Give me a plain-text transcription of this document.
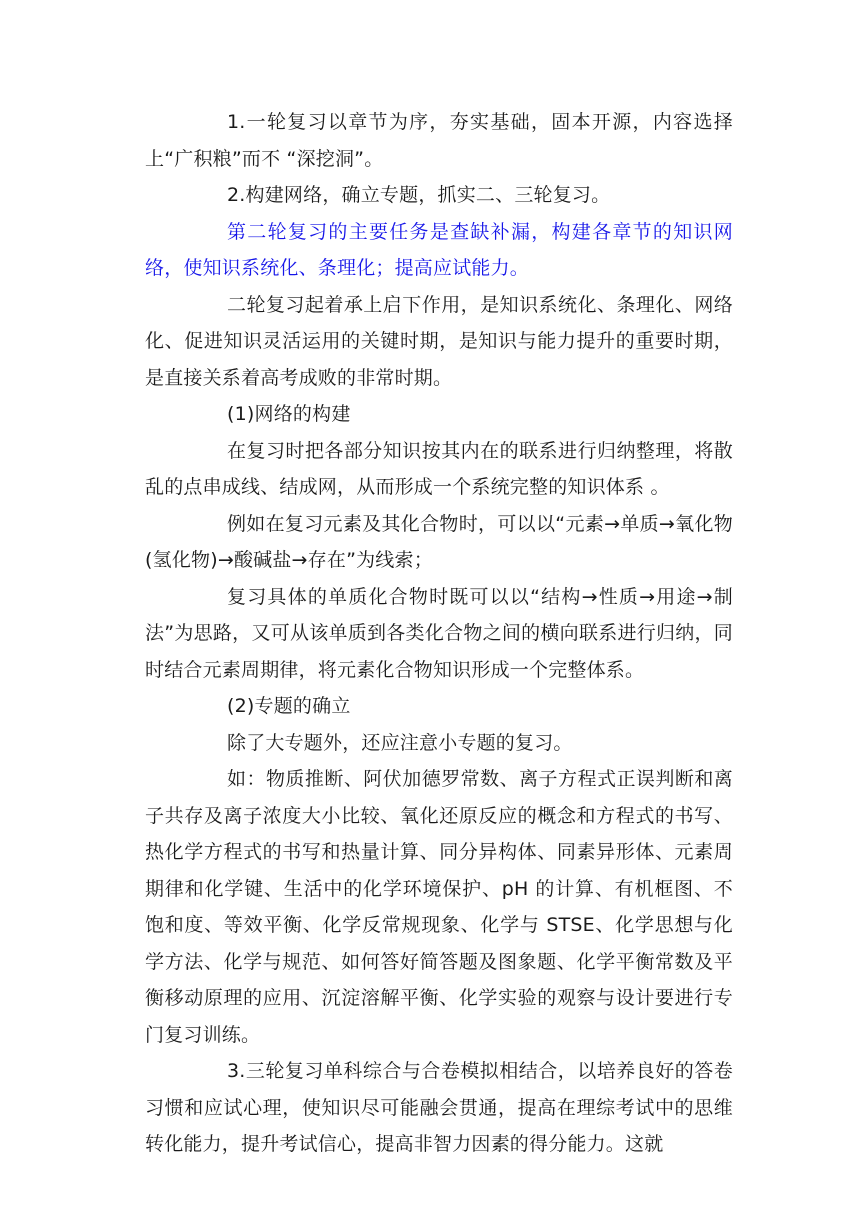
1.一轮复习以章节为序，夯实基础，固本开源，内容选择上“广积粮”而不 “深挖洞”。

2.构建网络，确立专题，抓实二、三轮复习。

第二轮复习的主要任务是查缺补漏，构建各章节的知识网络，使知识系统化、条理化；提高应试能力。

二轮复习起着承上启下作用，是知识系统化、条理化、网络化、促进知识灵活运用的关键时期，是知识与能力提升的重要时期，是直接关系着高考成败的非常时期。

(1)网络的构建

在复习时把各部分知识按其内在的联系进行归纳整理，将散乱的点串成线、结成网，从而形成一个系统完整的知识体系 。

例如在复习元素及其化合物时，可以以“元素→单质→氧化物(氢化物)→酸碱盐→存在”为线索；

复习具体的单质化合物时既可以以“结构→性质→用途→制法”为思路，又可从该单质到各类化合物之间的横向联系进行归纳，同时结合元素周期律，将元素化合物知识形成一个完整体系。

(2)专题的确立

除了大专题外，还应注意小专题的复习。

如：物质推断、阿伏加德罗常数、离子方程式正误判断和离子共存及离子浓度大小比较、氧化还原反应的概念和方程式的书写、热化学方程式的书写和热量计算、同分异构体、同素异形体、元素周期律和化学键、生活中的化学环境保护、pH 的计算、有机框图、不饱和度、等效平衡、化学反常规现象、化学与 STSE、化学思想与化学方法、化学与规范、如何答好简答题及图象题、化学平衡常数及平衡移动原理的应用、沉淀溶解平衡、化学实验的观察与设计要进行专门复习训练。

3.三轮复习单科综合与合卷模拟相结合，以培养良好的答卷习惯和应试心理，使知识尽可能融会贯通，提高在理综考试中的思维转化能力，提升考试信心，提高非智力因素的得分能力。这就
